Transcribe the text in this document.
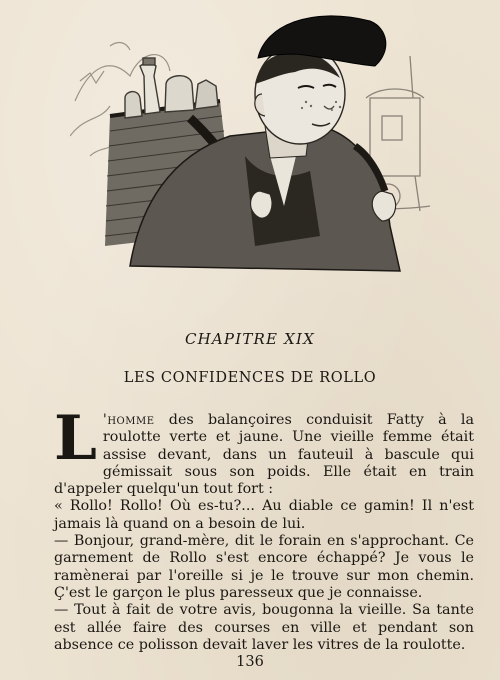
CHAPITRE XIX
LES CONFIDENCES DE ROLLO

L 'homme des balançoires conduisit Fatty à la roulotte verte et jaune. Une vieille femme était assise devant, dans un fauteuil à bascule qui gémissait sous son poids. Elle était en train d'appeler quelqu'un tout fort :

« Rollo! Rollo! Où es-tu?... Au diable ce gamin! Il n'est jamais là quand on a besoin de lui.

— Bonjour, grand-mère, dit le forain en s'approchant. Ce garnement de Rollo s'est encore échappé? Je vous le ramènerai par l'oreille si je le trouve sur mon chemin. Ç'est le garçon le plus paresseux que je connaisse.

— Tout à fait de votre avis, bougonna la vieille. Sa tante est allée faire des courses en ville et pendant son absence ce polisson devait laver les vitres de la roulotte.

136
